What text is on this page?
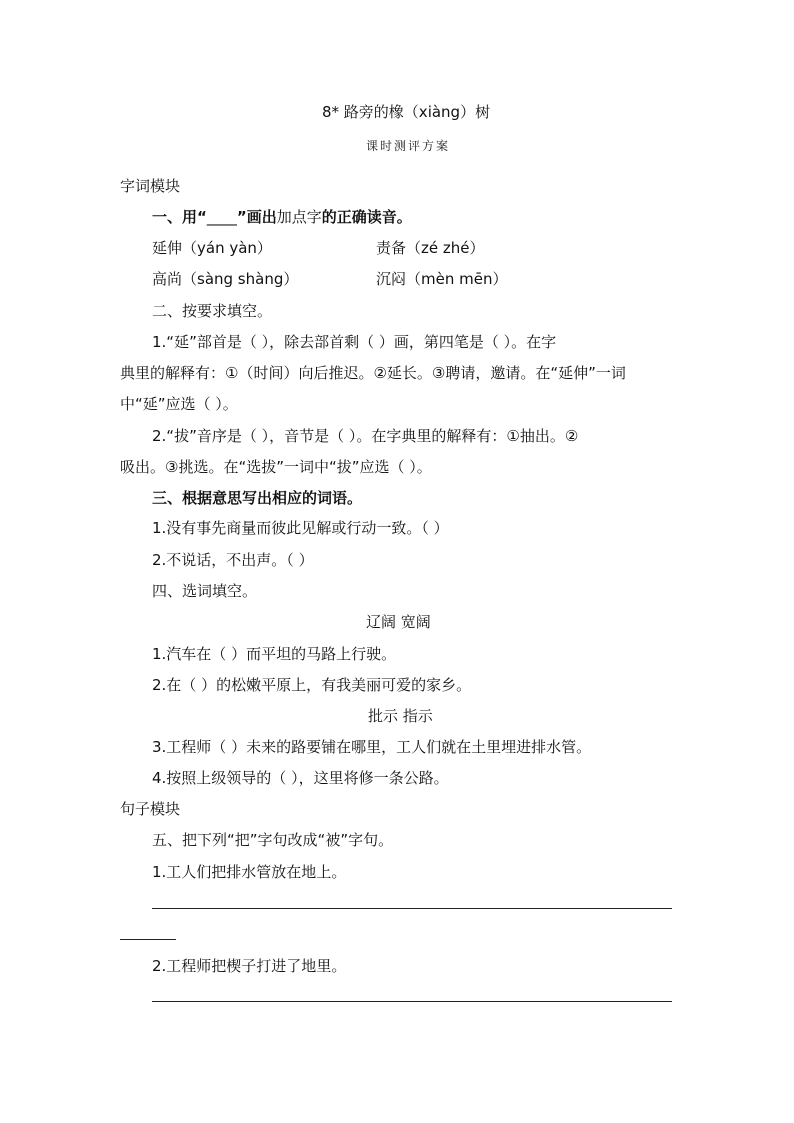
8* 路旁的橡（xiàng）树
课时测评方案
字词模块
一、用“____”画出加点字的正确读音。
延伸（yán yàn）	责备（zé zhé）
高尚（sàng shàng）	沉闷（mèn mēn）
二、按要求填空。
1.“延”部首是（ ），除去部首剩（ ）画，第四笔是（ ）。在字
典里的解释有：①（时间）向后推迟。②延长。③聘请，邀请。在“延伸”一词
中“延”应选（ ）。
2.“拔”音序是（ ），音节是（ ）。在字典里的解释有：①抽出。②
吸出。③挑选。在“选拔”一词中“拔”应选（ ）。
三、根据意思写出相应的词语。
1.没有事先商量而彼此见解或行动一致。（ ）
2.不说话，不出声。（ ）
四、选词填空。
辽阔 宽阔
1.汽车在（ ）而平坦的马路上行驶。
2.在（ ）的松嫩平原上，有我美丽可爱的家乡。
批示 指示
3.工程师（ ）未来的路要铺在哪里，工人们就在土里埋进排水管。
4.按照上级领导的（ ），这里将修一条公路。
句子模块
五、把下列“把”字句改成“被”字句。
1.工人们把排水管放在地上。
2.工程师把楔子打进了地里。
